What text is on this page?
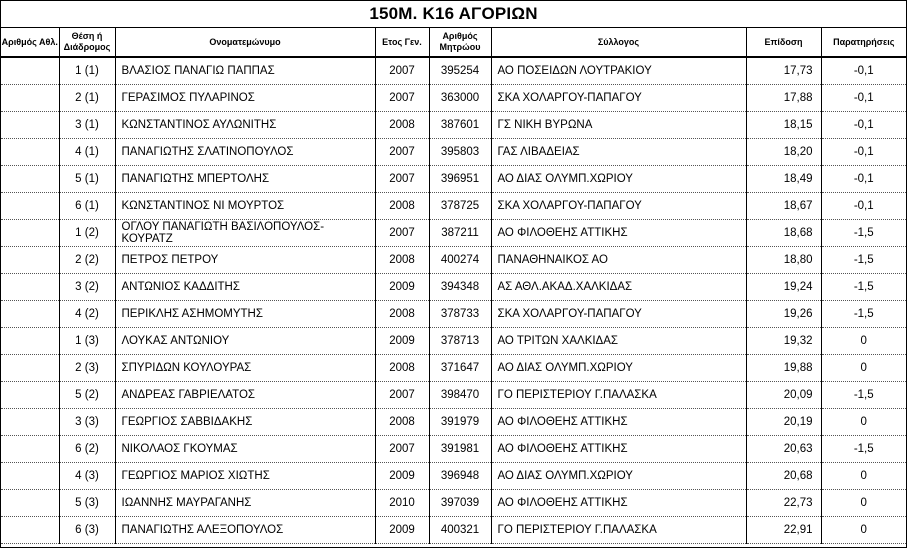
150Μ. Κ16 ΑΓΟΡΙΩΝ
Αριθμός Αθλ.	Θέση ή Διάδρομος	Ονοματεμώνυμο	Ετος Γεν.	Αριθμός Μητρώου	Σύλλογος	Επίδοση	Παρατηρήσεις
	1 (1)	ΒΛΑΣΙΟΣ ΠΑΝΑΓΙΩ ΠΑΠΠΑΣ	2007	395254	ΑΟ ΠΟΣΕΙΔΩΝ ΛΟΥΤΡΑΚΙΟΥ	17,73	-0,1
	2 (1)	ΓΕΡΑΣΙΜΟΣ ΠΥΛΑΡΙΝΟΣ	2007	363000	ΣΚΑ ΧΟΛΑΡΓΟΥ-ΠΑΠΑΓΟΥ	17,88	-0,1
	3 (1)	ΚΩΝΣΤΑΝΤΙΝΟΣ ΑΥΛΩΝΙΤΗΣ	2008	387601	ΓΣ ΝΙΚΗ ΒΥΡΩΝΑ	18,15	-0,1
	4 (1)	ΠΑΝΑΓΙΩΤΗΣ ΣΛΑΤΙΝΟΠΟΥΛΟΣ	2007	395803	ΓΑΣ ΛΙΒΑΔΕΙΑΣ	18,20	-0,1
	5 (1)	ΠΑΝΑΓΙΩΤΗΣ ΜΠΕΡΤΟΛΗΣ	2007	396951	ΑΟ ΔΙΑΣ ΟΛΥΜΠ.ΧΩΡΙΟΥ	18,49	-0,1
	6 (1)	ΚΩΝΣΤΑΝΤΙΝΟΣ ΝΙ ΜΟΥΡΤΟΣ	2008	378725	ΣΚΑ ΧΟΛΑΡΓΟΥ-ΠΑΠΑΓΟΥ	18,67	-0,1
	1 (2)	ΟΓΛΟΥ ΠΑΝΑΓΙΩΤΗ ΒΑΣΙΛΟΠΟΥΛΟΣ-ΚΟΥΡΑΤΖ	2007	387211	ΑΟ ΦΙΛΟΘΕΗΣ ΑΤΤΙΚΗΣ	18,68	-1,5
	2 (2)	ΠΕΤΡΟΣ ΠΕΤΡΟΥ	2008	400274	ΠΑΝΑΘΗΝΑΙΚΟΣ ΑΟ	18,80	-1,5
	3 (2)	ΑΝΤΩΝΙΟΣ ΚΑΔΔΙΤΗΣ	2009	394348	ΑΣ ΑΘΛ.ΑΚΑΔ.ΧΑΛΚΙΔΑΣ	19,24	-1,5
	4 (2)	ΠΕΡΙΚΛΗΣ ΑΣΗΜΟΜΥΤΗΣ	2008	378733	ΣΚΑ ΧΟΛΑΡΓΟΥ-ΠΑΠΑΓΟΥ	19,26	-1,5
	1 (3)	ΛΟΥΚΑΣ ΑΝΤΩΝΙΟΥ	2009	378713	ΑΟ ΤΡΙΤΩΝ ΧΑΛΚΙΔΑΣ	19,32	0
	2 (3)	ΣΠΥΡΙΔΩΝ ΚΟΥΛΟΥΡΑΣ	2008	371647	ΑΟ ΔΙΑΣ ΟΛΥΜΠ.ΧΩΡΙΟΥ	19,88	0
	5 (2)	ΑΝΔΡΕΑΣ ΓΑΒΡΙΕΛΑΤΟΣ	2007	398470	ΓΟ ΠΕΡΙΣΤΕΡΙΟΥ Γ.ΠΑΛΑΣΚΑ	20,09	-1,5
	3 (3)	ΓΕΩΡΓΙΟΣ ΣΑΒΒΙΔΑΚΗΣ	2008	391979	ΑΟ ΦΙΛΟΘΕΗΣ ΑΤΤΙΚΗΣ	20,19	0
	6 (2)	ΝΙΚΟΛΑΟΣ ΓΚΟΥΜΑΣ	2007	391981	ΑΟ ΦΙΛΟΘΕΗΣ ΑΤΤΙΚΗΣ	20,63	-1,5
	4 (3)	ΓΕΩΡΓΙΟΣ ΜΑΡΙΟΣ ΧΙΩΤΗΣ	2009	396948	ΑΟ ΔΙΑΣ ΟΛΥΜΠ.ΧΩΡΙΟΥ	20,68	0
	5 (3)	ΙΩΑΝΝΗΣ ΜΑΥΡΑΓΑΝΗΣ	2010	397039	ΑΟ ΦΙΛΟΘΕΗΣ ΑΤΤΙΚΗΣ	22,73	0
	6 (3)	ΠΑΝΑΓΙΩΤΗΣ ΑΛΕΞΟΠΟΥΛΟΣ	2009	400321	ΓΟ ΠΕΡΙΣΤΕΡΙΟΥ Γ.ΠΑΛΑΣΚΑ	22,91	0
